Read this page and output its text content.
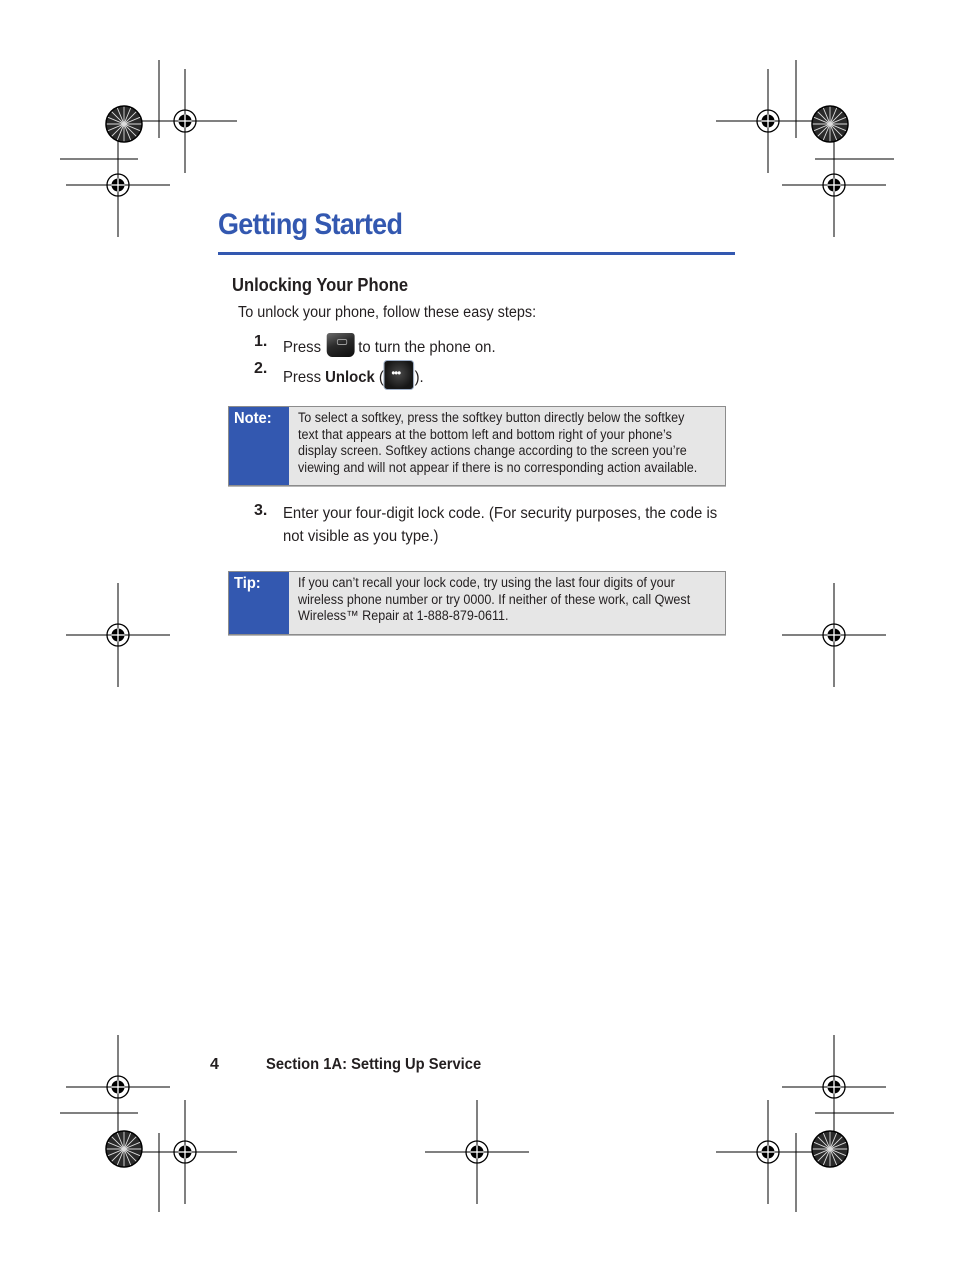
Getting Started
Unlocking Your Phone
To unlock your phone, follow these easy steps:
1. Press to turn the phone on.
2.
Press Unlock (••• ).
Note: To select a softkey, press the softkey button directly below the softkey
text that appears at the bottom left and bottom right of your phone’s
display screen. Softkey actions change according to the screen you’re
viewing and will not appear if there is no corresponding action available.
3. Enter your four-digit lock code. (For security purposes, the code is
not visible as you type.)
Tip:	If you can’t recall your lock code, try using the last four digits of your
wireless phone number or try 0000. If neither of these work, call Qwest
Wireless™ Repair at 1-888-879-0611.
4	Section 1A: Setting Up Service
